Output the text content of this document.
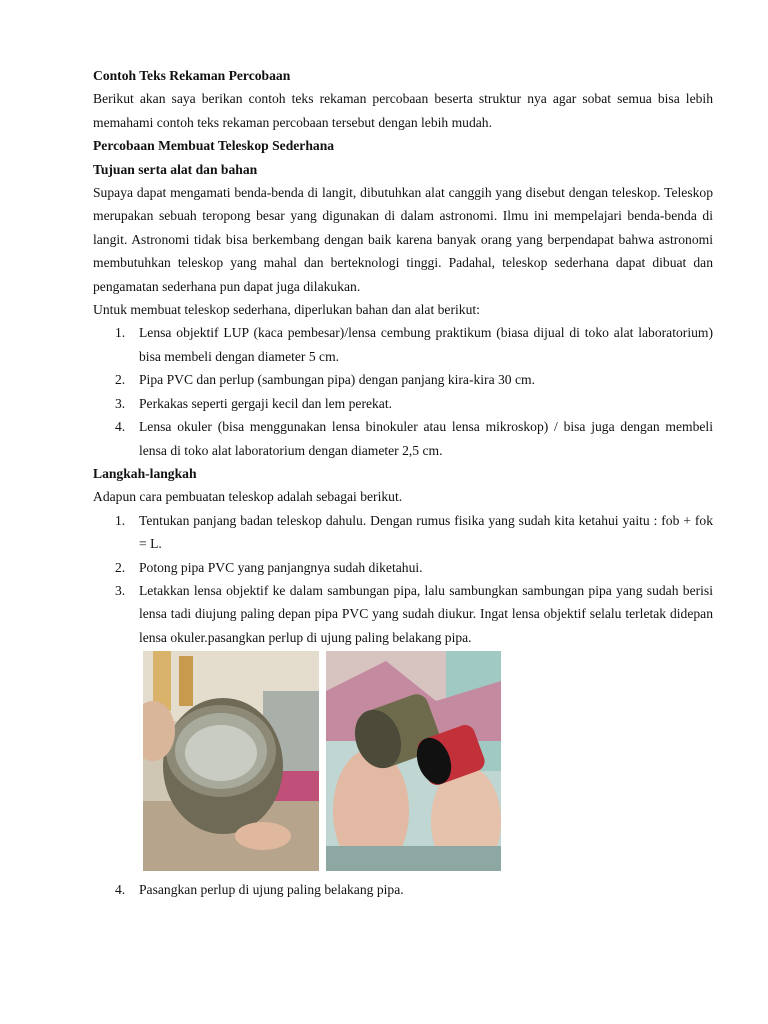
Contoh Teks Rekaman Percobaan

Berikut akan saya berikan contoh teks rekaman percobaan beserta struktur nya agar sobat semua bisa lebih memahami contoh teks rekaman percobaan tersebut dengan lebih mudah.

Percobaan Membuat Teleskop Sederhana

Tujuan serta alat dan bahan

Supaya dapat mengamati benda-benda di langit, dibutuhkan alat canggih yang disebut dengan teleskop. Teleskop merupakan sebuah teropong besar yang digunakan di dalam astronomi. Ilmu ini mempelajari benda-benda di langit. Astronomi tidak bisa berkembang dengan baik karena banyak orang yang berpendapat bahwa astronomi membutuhkan teleskop yang mahal dan berteknologi tinggi. Padahal, teleskop sederhana dapat dibuat dan pengamatan sederhana pun dapat juga dilakukan.

Untuk membuat teleskop sederhana, diperlukan bahan dan alat berikut:

1. Lensa objektif LUP (kaca pembesar)/lensa cembung praktikum (biasa dijual di toko alat laboratorium) bisa membeli dengan diameter 5 cm.
2. Pipa PVC dan perlup (sambungan pipa) dengan panjang kira-kira 30 cm.
3. Perkakas seperti gergaji kecil dan lem perekat.
4. Lensa okuler (bisa menggunakan lensa binokuler atau lensa mikroskop) / bisa juga dengan membeli lensa di toko alat laboratorium dengan diameter 2,5 cm.

Langkah-langkah

Adapun cara pembuatan teleskop adalah sebagai berikut.

1. Tentukan panjang badan teleskop dahulu. Dengan rumus fisika yang sudah kita ketahui yaitu : fob + fok = L.
2. Potong pipa PVC yang panjangnya sudah diketahui.
3. Letakkan lensa objektif ke dalam sambungan pipa, lalu sambungkan sambungan pipa yang sudah berisi lensa tadi diujung paling depan pipa PVC yang sudah diukur. Ingat lensa objektif selalu terletak didepan lensa okuler.pasangkan perlup di ujung paling belakang pipa.
4. Pasangkan perlup di ujung paling belakang pipa.
